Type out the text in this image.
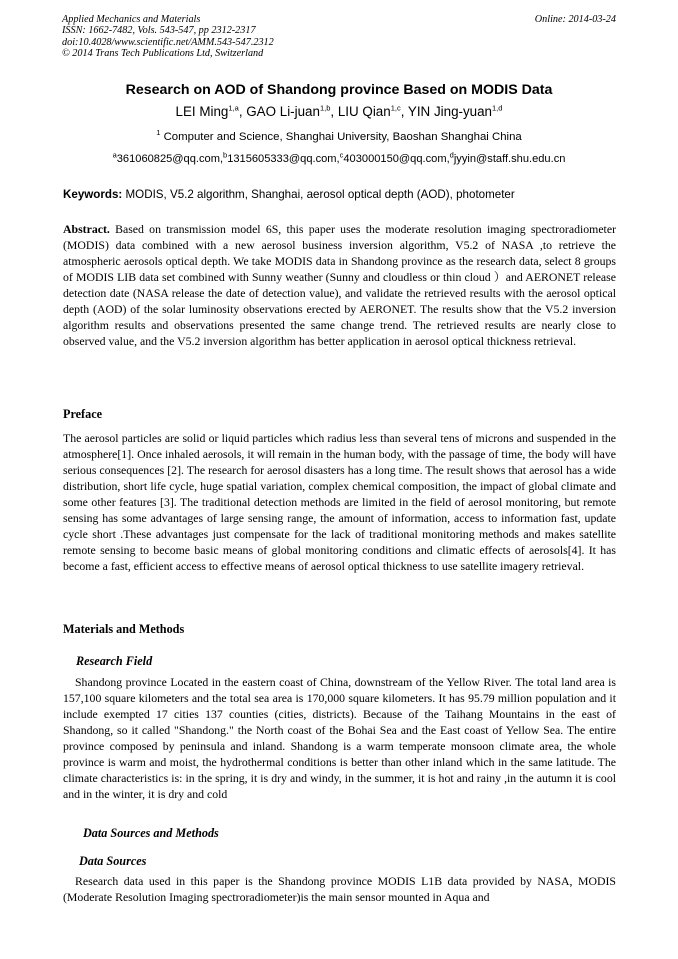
Applied Mechanics and Materials
ISSN: 1662-7482, Vols. 543-547, pp 2312-2317
doi:10.4028/www.scientific.net/AMM.543-547.2312
© 2014 Trans Tech Publications Ltd, Switzerland
Online: 2014-03-24
Research on AOD of Shandong province Based on MODIS Data
LEI Ming$^{1,a}$, GAO Li-juan$^{1,b}$, LIU Qian$^{1,c}$, YIN Jing-yuan$^{1,d}$
$^1$ Computer and Science, Shanghai University, Baoshan Shanghai China
$^a$361060825@qq.com,$^b$1315605333@qq.com,$^c$403000150@qq.com,$^d$jyyin@staff.shu.edu.cn
Keywords: MODIS, V5.2 algorithm, Shanghai, aerosol optical depth (AOD), photometer
Abstract. Based on transmission model 6S, this paper uses the moderate resolution imaging spectroradiometer (MODIS) data combined with a new aerosol business inversion algorithm, V5.2 of NASA ,to retrieve the atmospheric aerosols optical depth. We take MODIS data in Shandong province as the research data, select 8 groups of MODIS LIB data set combined with Sunny weather (Sunny and cloudless or thin cloud ）and AERONET release detection date (NASA release the date of detection value), and validate the retrieved results with the aerosol optical depth (AOD) of the solar luminosity observations erected by AERONET. The results show that the V5.2 inversion algorithm results and observations presented the same change trend. The retrieved results are nearly close to observed value, and the V5.2 inversion algorithm has better application in aerosol optical thickness retrieval.
Preface
The aerosol particles are solid or liquid particles which radius less than several tens of microns and suspended in the atmosphere[1]. Once inhaled aerosols, it will remain in the human body, with the passage of time, the body will have serious consequences [2]. The research for aerosol disasters has a long time. The result shows that aerosol has a wide distribution, short life cycle, huge spatial variation, complex chemical composition, the impact of global climate and some other features [3]. The traditional detection methods are limited in the field of aerosol monitoring, but remote sensing has some advantages of large sensing range, the amount of information, access to information fast, update cycle short .These advantages just compensate for the lack of traditional monitoring methods and makes satellite remote sensing to become basic means of global monitoring conditions and climatic effects of aerosols[4]. It has become a fast, efficient access to effective means of aerosol optical thickness to use satellite imagery retrieval.
Materials and Methods
Research Field
Shandong province Located in the eastern coast of China, downstream of the Yellow River. The total land area is 157,100 square kilometers and the total sea area is 170,000 square kilometers. It has 95.79 million population and it include exempted 17 cities 137 counties (cities, districts). Because of the Taihang Mountains in the east of Shandong, so it called "Shandong." the North coast of the Bohai Sea and the East coast of Yellow Sea. The entire province composed by peninsula and inland. Shandong is a warm temperate monsoon climate area, the whole province is warm and moist, the hydrothermal conditions is better than other inland which in the same latitude. The climate characteristics is: in the spring, it is dry and windy, in the summer, it is hot and rainy ,in the autumn it is cool and in the winter, it is dry and cold
Data Sources and Methods
Data Sources
Research data used in this paper is the Shandong province MODIS L1B data provided by NASA, MODIS (Moderate Resolution Imaging spectroradiometer)is the main sensor mounted in Aqua and
